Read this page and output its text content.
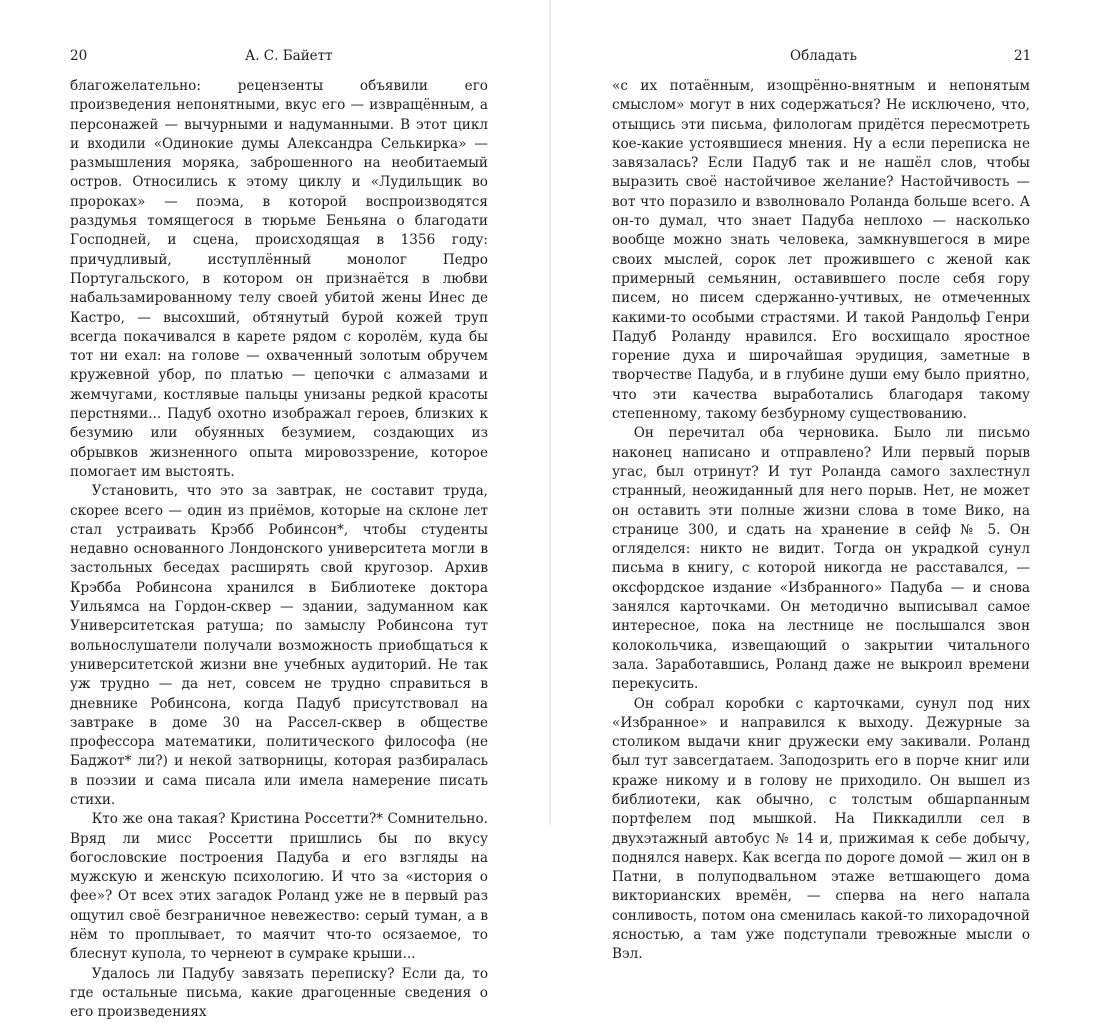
20	А. С. Байетт

благожелательно: рецензенты объявили его произведения непонятными, вкус его — извращённым, а персонажей — вычурными и надуманными. В этот цикл и входили «Одинокие думы Александра Селькирка» — размышления моряка, заброшенного на необитаемый остров. Относились к этому циклу и «Лудильщик во пророках» — поэма, в которой воспроизводятся раздумья томящегося в тюрьме Беньяна о благодати Господней, и сцена, происходящая в 1356 году: причудливый, исступлённый монолог Педро Португальского, в котором он признаётся в любви набальзамированному телу своей убитой жены Инес де Кастро, — высохший, обтянутый бурой кожей труп всегда покачивался в карете рядом с королём, куда бы тот ни ехал: на голове — охваченный золотым обручем кружевной убор, по платью — цепочки с алмазами и жемчугами, костлявые пальцы унизаны редкой красоты перстнями... Падуб охотно изображал героев, близких к безумию или обуянных безумием, создающих из обрывков жизненного опыта мировоззрение, которое помогает им выстоять.

Установить, что это за завтрак, не составит труда, скорее всего — один из приёмов, которые на склоне лет стал устраивать Крэбб Робинсон*, чтобы студенты недавно основанного Лондонского университета могли в застольных беседах расширять свой кругозор. Архив Крэбба Робинсона хранился в Библиотеке доктора Уильямса на Гордон-сквер — здании, задуманном как Университетская ратуша; по замыслу Робинсона тут вольнослушатели получали возможность приобщаться к университетской жизни вне учебных аудиторий. Не так уж трудно — да нет, совсем не трудно справиться в дневнике Робинсона, когда Падуб присутствовал на завтраке в доме 30 на Рассел-сквер в обществе профессора математики, политического философа (не Баджот* ли?) и некой затворницы, которая разбиралась в поэзии и сама писала или имела намерение писать стихи.

Кто же она такая? Кристина Россетти?* Сомнительно. Вряд ли мисс Россетти пришлись бы по вкусу богословские построения Падуба и его взгляды на мужскую и женскую психологию. И что за «история о фее»? От всех этих загадок Роланд уже не в первый раз ощутил своё безграничное невежество: серый туман, а в нём то проплывает, то маячит что-то осязаемое, то блеснут купола, то чернеют в сумраке крыши...

Удалось ли Падубу завязать переписку? Если да, то где остальные письма, какие драгоценные сведения о его произведениях

Обладать	21

«с их потаённым, изощрённо-внятным и непонятым смыслом» могут в них содержаться? Не исключено, что, отыщись эти письма, филологам придётся пересмотреть кое-какие устоявшиеся мнения. Ну а если переписка не завязалась? Если Падуб так и не нашёл слов, чтобы выразить своё настойчивое желание? Настойчивость — вот что поразило и взволновало Роланда больше всего. А он-то думал, что знает Падуба неплохо — насколько вообще можно знать человека, замкнувшегося в мире своих мыслей, сорок лет прожившего с женой как примерный семьянин, оставившего после себя гору писем, но писем сдержанно-учтивых, не отмеченных какими-то особыми страстями. И такой Рандольф Генри Падуб Роланду нравился. Его восхищало яростное горение духа и широчайшая эрудиция, заметные в творчестве Падуба, и в глубине души ему было приятно, что эти качества выработались благодаря такому степенному, такому безбурному существованию.

Он перечитал оба черновика. Было ли письмо наконец написано и отправлено? Или первый порыв угас, был отринут? И тут Роланда самого захлестнул странный, неожиданный для него порыв. Нет, не может он оставить эти полные жизни слова в томе Вико, на странице 300, и сдать на хранение в сейф № 5. Он огляделся: никто не видит. Тогда он украдкой сунул письма в книгу, с которой никогда не расставался, — оксфордское издание «Избранного» Падуба — и снова занялся карточками. Он методично выписывал самое интересное, пока на лестнице не послышался звон колокольчика, извещающий о закрытии читального зала. Заработавшись, Роланд даже не выкроил времени перекусить.

Он собрал коробки с карточками, сунул под них «Избранное» и направился к выходу. Дежурные за столиком выдачи книг дружески ему закивали. Роланд был тут завсегдатаем. Заподозрить его в порче книг или краже никому и в голову не приходило. Он вышел из библиотеки, как обычно, с толстым обшарпанным портфелем под мышкой. На Пиккадилли сел в двухэтажный автобус № 14 и, прижимая к себе добычу, поднялся наверх. Как всегда по дороге домой — жил он в Патни, в полуподвальном этаже ветшающего дома викторианских времён, — сперва на него напала сонливость, потом она сменилась какой-то лихорадочной ясностью, а там уже подступали тревожные мысли о Вэл.
